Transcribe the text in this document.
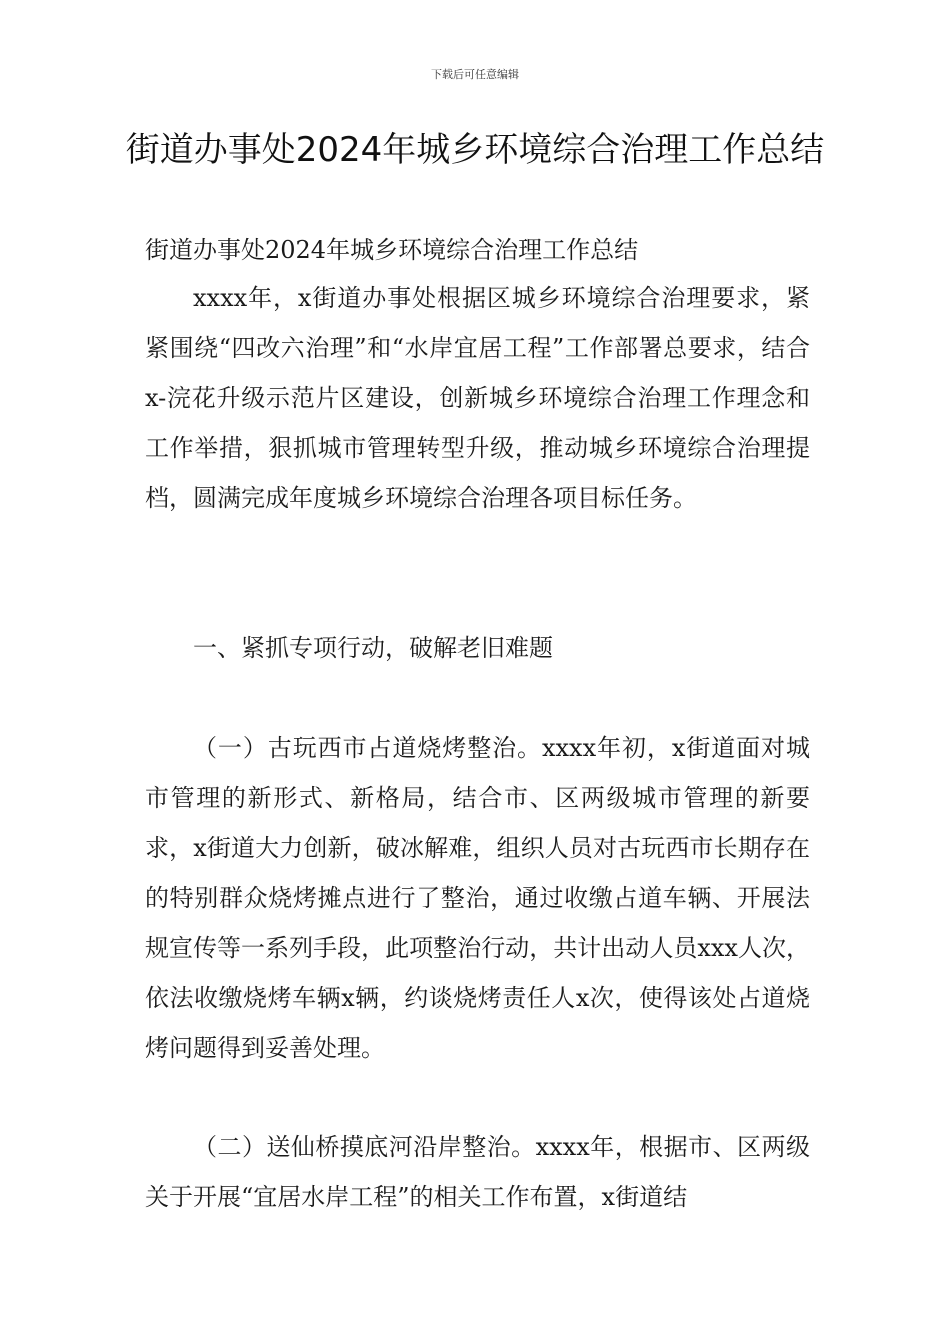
下载后可任意编辑
街道办事处2024年城乡环境综合治理工作总结

街道办事处2024年城乡环境综合治理工作总结

xxxx年，x街道办事处根据区城乡环境综合治理要求，紧紧围绕“四改六治理”和“水岸宜居工程”工作部署总要求，结合x-浣花升级示范片区建设，创新城乡环境综合治理工作理念和工作举措，狠抓城市管理转型升级，推动城乡环境综合治理提档，圆满完成年度城乡环境综合治理各项目标任务。

一、紧抓专项行动，破解老旧难题

（一）古玩西市占道烧烤整治。xxxx年初，x街道面对城市管理的新形式、新格局，结合市、区两级城市管理的新要求，x街道大力创新，破冰解难，组织人员对古玩西市长期存在的特别群众烧烤摊点进行了整治，通过收缴占道车辆、开展法规宣传等一系列手段，此项整治行动，共计出动人员xxx人次，依法收缴烧烤车辆x辆，约谈烧烤责任人x次，使得该处占道烧烤问题得到妥善处理。

（二）送仙桥摸底河沿岸整治。xxxx年，根据市、区两级关于开展“宜居水岸工程”的相关工作布置，x街道结
